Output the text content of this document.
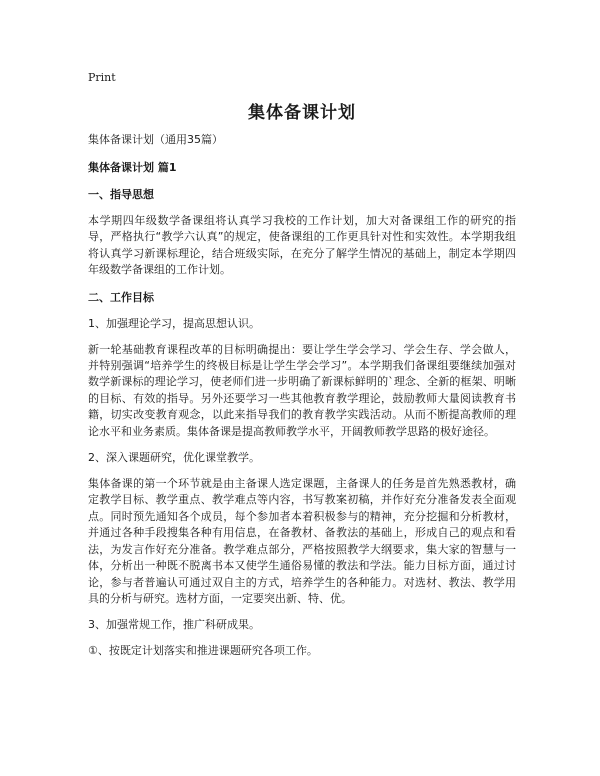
Print
集体备课计划
集体备课计划（通用35篇）
集体备课计划 篇1
一、指导思想
本学期四年级数学备课组将认真学习我校的工作计划，加大对备课组工作的研究的指导，严格执行“教学六认真”的规定，使备课组的工作更具针对性和实效性。本学期我组将认真学习新课标理论，结合班级实际，在充分了解学生情况的基础上，制定本学期四年级数学备课组的工作计划。
二、工作目标
1、加强理论学习，提高思想认识。
新一轮基础教育课程改革的目标明确提出：要让学生学会学习、学会生存、学会做人，并特别强调“培养学生的终极目标是让学生学会学习”。本学期我们备课组要继续加强对数学新课标的理论学习，使老师们进一步明确了新课标鲜明的`理念、全新的框架、明晰的目标、有效的指导。另外还要学习一些其他教育教学理论，鼓励教师大量阅读教育书籍，切实改变教育观念，以此来指导我们的教育教学实践活动。从而不断提高教师的理论水平和业务素质。集体备课是提高教师教学水平，开阔教师教学思路的极好途径。
2、深入课题研究，优化课堂教学。
集体备课的第一个环节就是由主备课人选定课题，主备课人的任务是首先熟悉教材，确定教学目标、教学重点、教学难点等内容，书写教案初稿，并作好充分准备发表全面观点。同时预先通知各个成员，每个参加者本着积极参与的精神，充分挖掘和分析教材，并通过各种手段搜集各种有用信息，在备教材、备教法的基础上，形成自己的观点和看法，为发言作好充分准备。教学难点部分，严格按照教学大纲要求，集大家的智慧与一体，分析出一种既不脱离书本又使学生通俗易懂的教法和学法。能力目标方面，通过讨论，参与者普遍认可通过双自主的方式，培养学生的各种能力。对选材、教法、教学用具的分析与研究。选材方面，一定要突出新、特、优。
3、加强常规工作，推广科研成果。
①、按既定计划落实和推进课题研究各项工作。
